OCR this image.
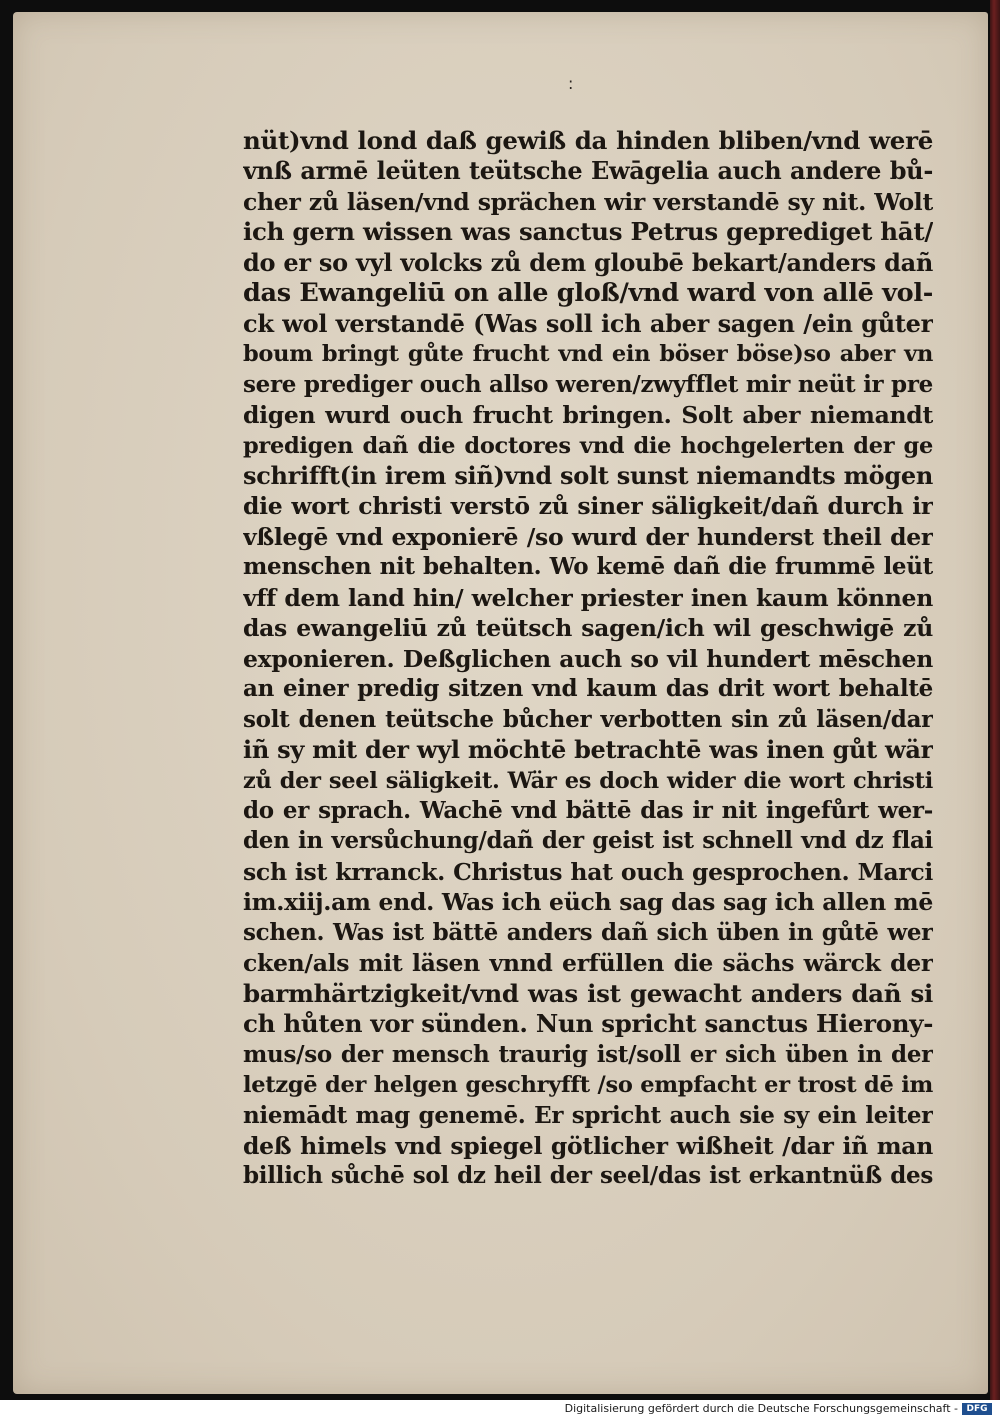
:
nüt)vnd lond daß gewiß da hinden bliben/vnd werē
vnß armē leüten teütsche Ewāgelia auch andere bů-
cher zů läsen/vnd sprächen wir verstandē sy nit. Wolt
ich gern wissen was sanctus Petrus geprediget hāt/
do er so vyl volcks zů dem gloubē bekart/anders dañ
das Ewangeliū on alle gloß/vnd ward von allē vol-
ck wol verstandē (Was soll ich aber sagen /ein gůter
boum bringt gůte frucht vnd ein böser böse)so aber vn
sere prediger ouch allso weren/zwyfflet mir neüt ir pre
digen wurd ouch frucht bringen. Solt aber niemandt
predigen dañ die doctores vnd die hochgelerten der ge
schrifft(in irem siñ)vnd solt sunst niemandts mögen
die wort christi verstō zů siner säligkeit/dañ durch ir
vßlegē vnd exponierē /so wurd der hunderst theil der
menschen nit behalten. Wo kemē dañ die frummē leüt
vff dem land hin/ welcher priester inen kaum können
das ewangeliū zů teütsch sagen/ich wil geschwigē zů
exponieren. Deßglichen auch so vil hundert mēschen
an einer predig sitzen vnd kaum das drit wort behaltē
solt denen teütsche bůcher verbotten sin zů läsen/dar
iñ sy mit der wyl möchtē betrachtē was inen gůt wär
zů der seel säligkeit. Wär es doch wider die wort christi
do er sprach. Wachē vnd bättē das ir nit ingefůrt wer-
den in versůchung/dañ der geist ist schnell vnd dz flai
sch ist krranck. Christus hat ouch gesprochen. Marci
im.xiij.am end. Was ich eüch sag das sag ich allen mē
schen. Was ist bättē anders dañ sich üben in gůtē wer
cken/als mit läsen vnnd erfüllen die sächs wärck der
barmhärtzigkeit/vnd was ist gewacht anders dañ si
ch hůten vor sünden. Nun spricht sanctus Hierony-
mus/so der mensch traurig ist/soll er sich üben in der
letzgē der helgen geschryfft /so empfacht er trost dē im
niemādt mag genemē. Er spricht auch sie sy ein leiter
deß himels vnd spiegel götlicher wißheit /dar iñ man
billich sůchē sol dz heil der seel/das ist erkantnüß des
Digitalisierung gefördert durch die Deutsche Forschungsgemeinschaft - DFG
